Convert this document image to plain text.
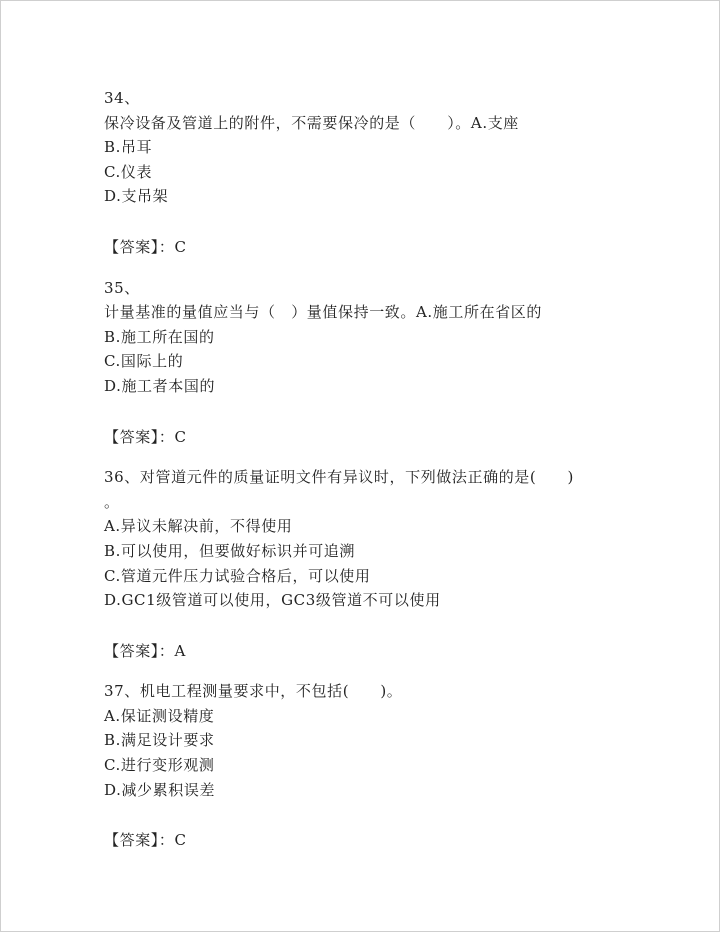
34、
保冷设备及管道上的附件，不需要保冷的是（　　）。A.支座
B.吊耳
C.仪表
D.支吊架
【答案】：C
35、
计量基准的量值应当与（　）量值保持一致。A.施工所在省区的
B.施工所在国的
C.国际上的
D.施工者本国的
【答案】：C
36、对管道元件的质量证明文件有异议时，下列做法正确的是(　　)
。
A.异议未解决前，不得使用
B.可以使用，但要做好标识并可追溯
C.管道元件压力试验合格后，可以使用
D.GC1级管道可以使用，GC3级管道不可以使用
【答案】：A
37、机电工程测量要求中，不包括(　　)。
A.保证测设精度
B.满足设计要求
C.进行变形观测
D.减少累积误差
【答案】：C
